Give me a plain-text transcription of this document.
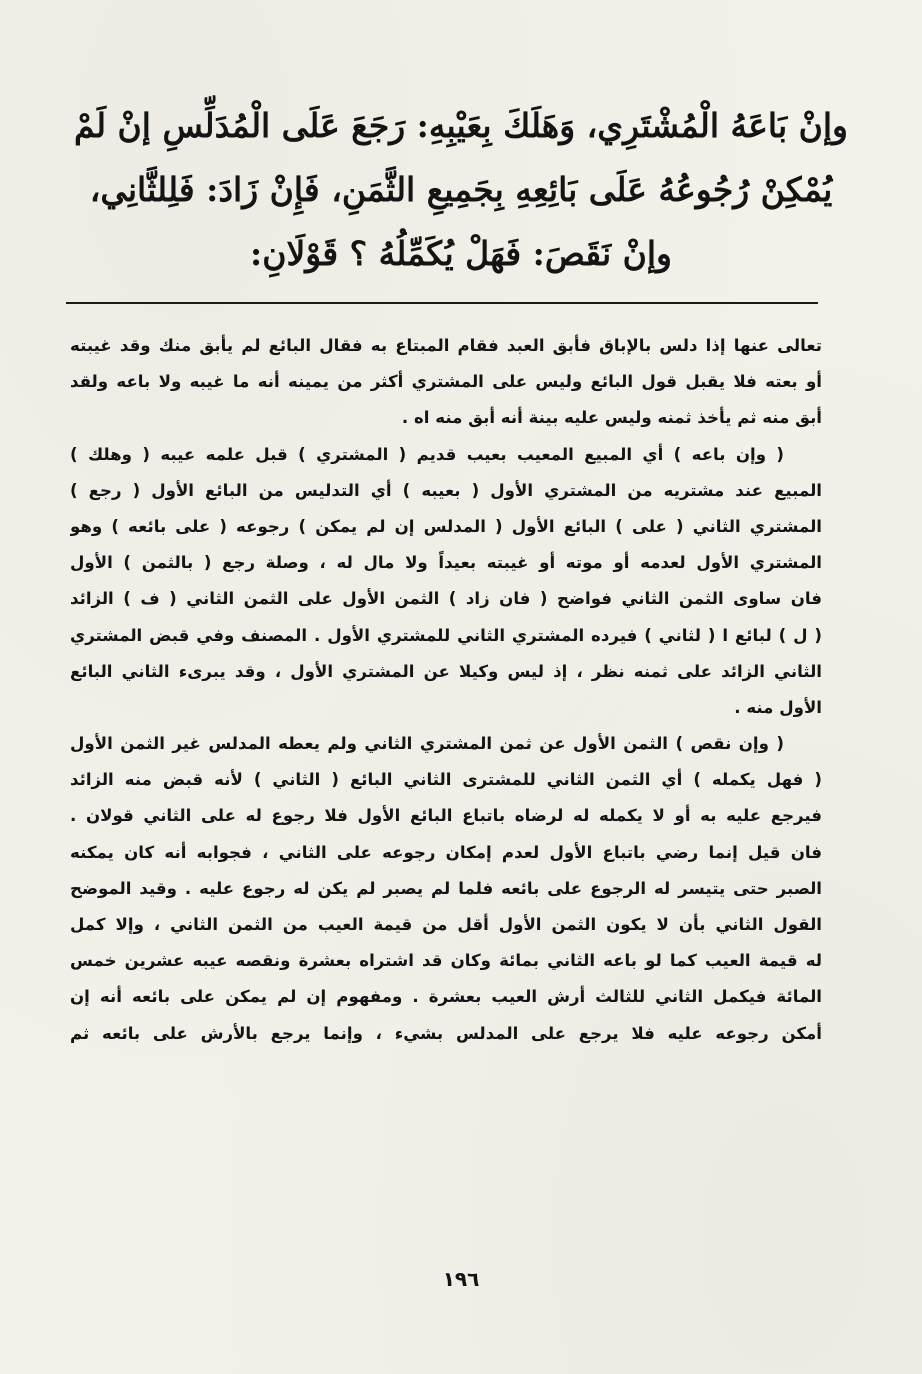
وإنْ بَاعَهُ الْمُشْتَرِي، وَهَلَكَ بِعَيْبِهِ: رَجَعَ عَلَى الْمُدَلِّسِ إنْ لَمْ
يُمْكِنْ رُجُوعُهُ عَلَى بَائِعِهِ بِجَمِيعِ الثَّمَنِ، فَإِنْ زَادَ: فَلِلثَّانِي،
وإنْ نَقَصَ: فَهَلْ يُكَمِّلُهُ ؟ قَوْلَانِ:
تعالى عنها إذا دلس بالإباق فأبق العبد فقام المبتاع به فقال البائع لم يأبق منك وقد غيبته
أو بعته فلا يقبل قول البائع وليس على المشتري أكثر من يمينه أنه ما غيبه ولا باعه ولقد
أبق منه ثم يأخذ ثمنه وليس عليه بينة أنه أبق منه اه .
( وإن باعه ) أي المبيع المعيب بعيب قديم ( المشتري ) قبل علمه عيبه ( وهلك )
المبيع عند مشتريه من المشتري الأول ( بعيبه ) أي التدليس من البائع الأول ( رجع )
المشتري الثاني ( على ) البائع الأول ( المدلس إن لم يمكن ) رجوعه ( على بائعه ) وهو
المشتري الأول لعدمه أو موته أو غيبته بعيداً ولا مال له ، وصلة رجع ( بالثمن ) الأول
فان ساوى الثمن الثاني فواضح ( فان زاد ) الثمن الأول على الثمن الثاني ( ف ) الزائد
( ل ) لبائع ا ( لثاني ) فيرده المشتري الثاني للمشتري الأول . المصنف وفي قبض المشتري
الثاني الزائد على ثمنه نظر ، إذ ليس وكيلا عن المشتري الأول ، وقد يبرىء الثاني البائع
الأول منه .
( وإن نقص ) الثمن الأول عن ثمن المشتري الثاني ولم يعطه المدلس غير الثمن الأول
( فهل يكمله ) أي الثمن الثاني للمشترى الثاني البائع ( الثاني ) لأنه قبض منه الزائد
فيرجع عليه به أو لا يكمله له لرضاه باتباع البائع الأول فلا رجوع له على الثاني قولان .
فان قيل إنما رضي باتباع الأول لعدم إمكان رجوعه على الثاني ، فجوابه أنه كان يمكنه
الصبر حتى يتيسر له الرجوع على بائعه فلما لم يصبر لم يكن له رجوع عليه . وقيد الموضح
القول الثاني بأن لا يكون الثمن الأول أقل من قيمة العيب من الثمن الثاني ، وإلا كمل
له قيمة العيب كما لو باعه الثاني بمائة وكان قد اشتراه بعشرة ونقصه عيبه عشرين خمس
المائة فيكمل الثاني للثالث أرش العيب بعشرة . ومفهوم إن لم يمكن على بائعه أنه إن
أمكن رجوعه عليه فلا يرجع على المدلس بشيء ، وإنما يرجع بالأرش على بائعه ثم
١٩٦
